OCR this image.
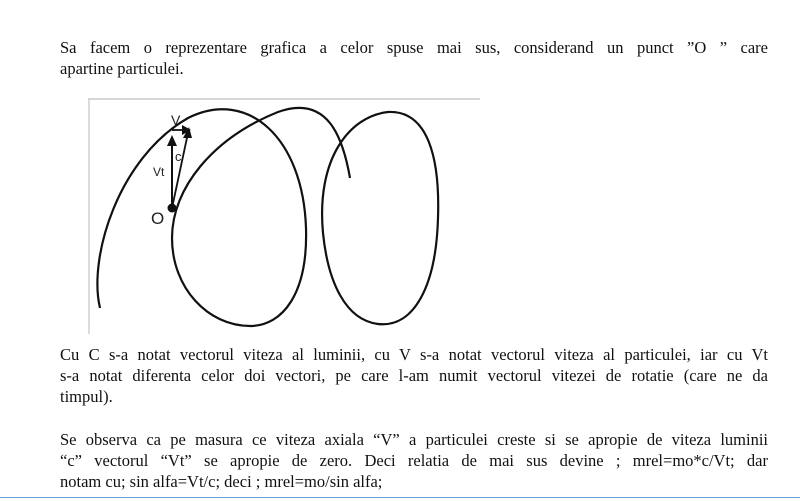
Sa facem o reprezentare grafica a celor spuse mai sus, considerand un punct ”O ” care
apartine particulei.

V
c
Vt
O

Cu C s-a notat vectorul viteza al luminii, cu V s-a notat vectorul viteza al particulei, iar cu Vt
s-a notat diferenta celor doi vectori, pe care l-am numit vectorul vitezei de rotatie (care ne da
timpul).

Se observa ca pe masura ce viteza axiala “V” a particulei creste si se apropie de viteza luminii
“c” vectorul “Vt” se apropie de zero. Deci relatia de mai sus devine ; mrel=mo*c/Vt; dar
notam cu; sin alfa=Vt/c; deci ; mrel=mo/sin alfa;
